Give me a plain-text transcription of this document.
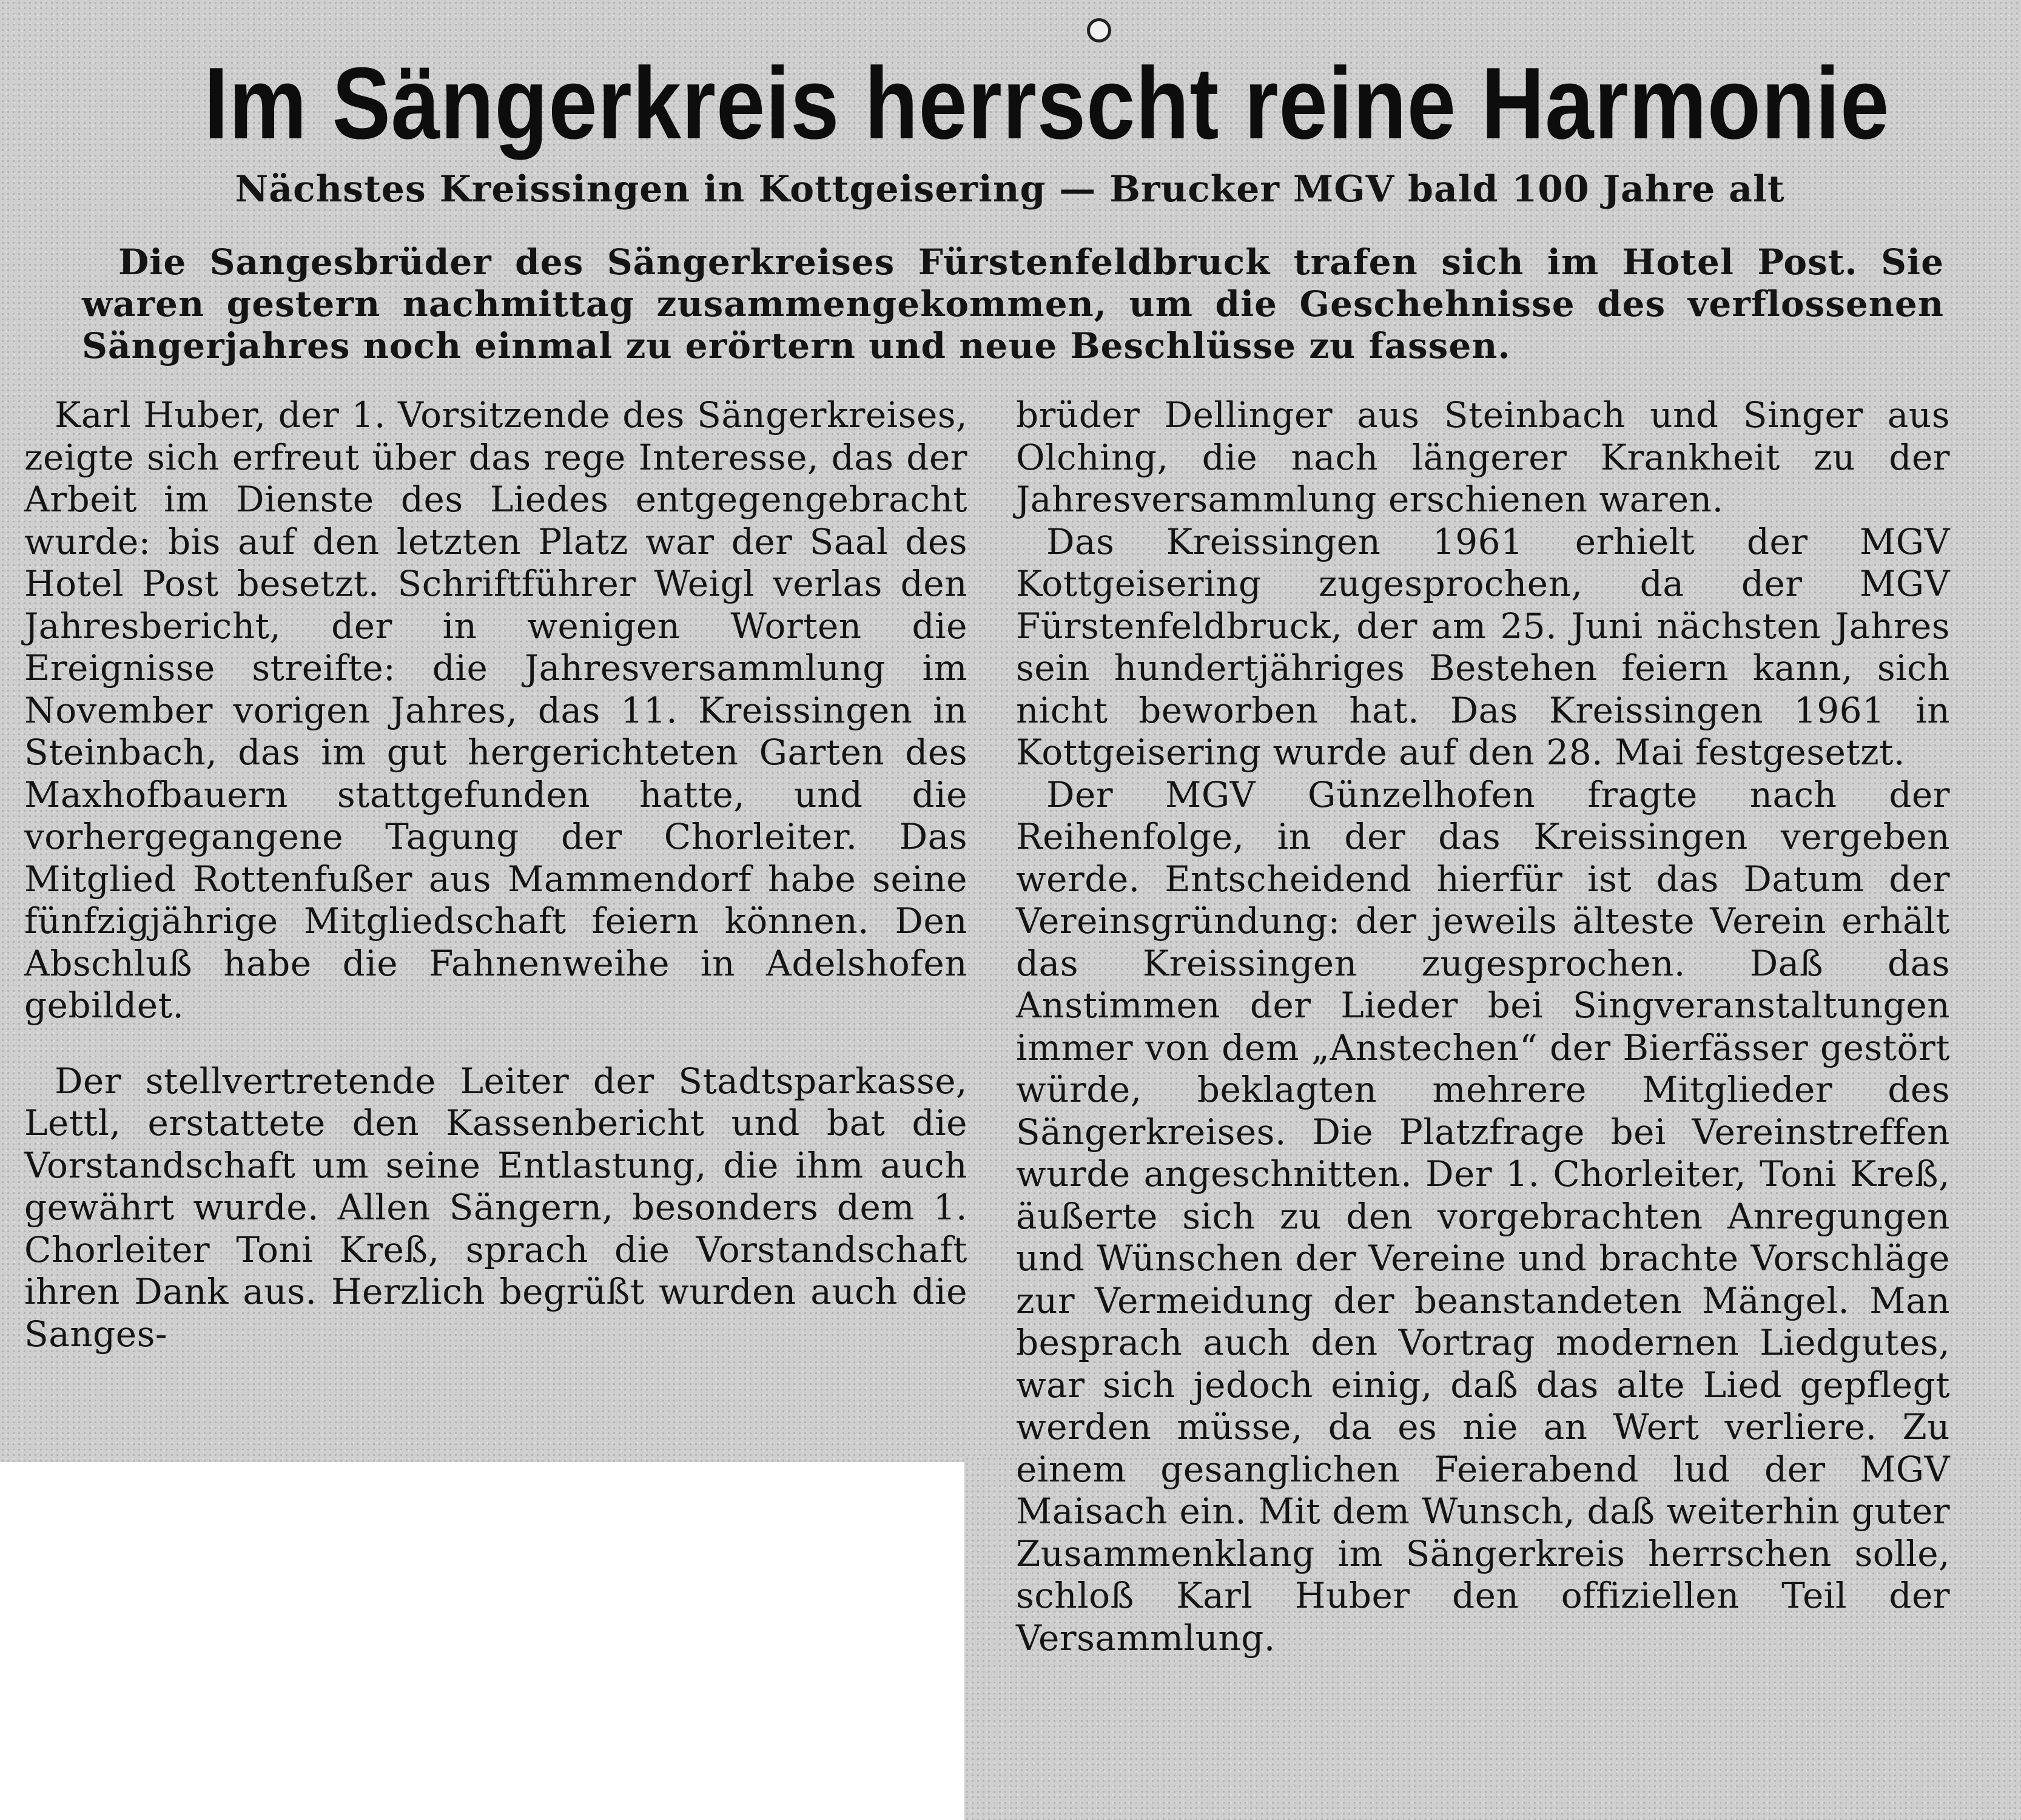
Im Sängerkreis herrscht reine Harmonie
Nächstes Kreissingen in Kottgeisering — Brucker MGV bald 100 Jahre alt
Die Sangesbrüder des Sängerkreises Fürstenfeldbruck trafen sich im Hotel Post. Sie waren gestern nachmittag zusammengekommen, um die Geschehnisse des verflossenen Sängerjahres noch einmal zu erörtern und neue Beschlüsse zu fassen.

Karl Huber, der 1. Vorsitzende des Sängerkreises, zeigte sich erfreut über das rege Interesse, das der Arbeit im Dienste des Liedes entgegengebracht wurde: bis auf den letzten Platz war der Saal des Hotel Post besetzt. Schriftführer Weigl verlas den Jahresbericht, der in wenigen Worten die Ereignisse streifte: die Jahresversammlung im November vorigen Jahres, das 11. Kreissingen in Steinbach, das im gut hergerichteten Garten des Maxhofbauern stattgefunden hatte, und die vorhergegangene Tagung der Chorleiter. Das Mitglied Rottenfußer aus Mammendorf habe seine fünfzigjährige Mitgliedschaft feiern können. Den Abschluß habe die Fahnenweihe in Adelshofen gebildet.

Der stellvertretende Leiter der Stadtsparkasse, Lettl, erstattete den Kassenbericht und bat die Vorstandschaft um seine Entlastung, die ihm auch gewährt wurde. Allen Sängern, besonders dem 1. Chorleiter Toni Kreß, sprach die Vorstandschaft ihren Dank aus. Herzlich begrüßt wurden auch die Sanges-

brüder Dellinger aus Steinbach und Singer aus Olching, die nach längerer Krankheit zu der Jahresversammlung erschienen waren.

Das Kreissingen 1961 erhielt der MGV Kottgeisering zugesprochen, da der MGV Fürstenfeldbruck, der am 25. Juni nächsten Jahres sein hundertjähriges Bestehen feiern kann, sich nicht beworben hat. Das Kreissingen 1961 in Kottgeisering wurde auf den 28. Mai festgesetzt.

Der MGV Günzelhofen fragte nach der Reihenfolge, in der das Kreissingen vergeben werde. Entscheidend hierfür ist das Datum der Vereinsgründung: der jeweils älteste Verein erhält das Kreissingen zugesprochen. Daß das Anstimmen der Lieder bei Singveranstaltungen immer von dem „Anstechen“ der Bierfässer gestört würde, beklagten mehrere Mitglieder des Sängerkreises. Die Platzfrage bei Vereinstreffen wurde angeschnitten. Der 1. Chorleiter, Toni Kreß, äußerte sich zu den vorgebrachten Anregungen und Wünschen der Vereine und brachte Vorschläge zur Vermeidung der beanstandeten Mängel. Man besprach auch den Vortrag modernen Liedgutes, war sich jedoch einig, daß das alte Lied gepflegt werden müsse, da es nie an Wert verliere. Zu einem gesanglichen Feierabend lud der MGV Maisach ein. Mit dem Wunsch, daß weiterhin guter Zusammenklang im Sängerkreis herrschen solle, schloß Karl Huber den offiziellen Teil der Versammlung.
